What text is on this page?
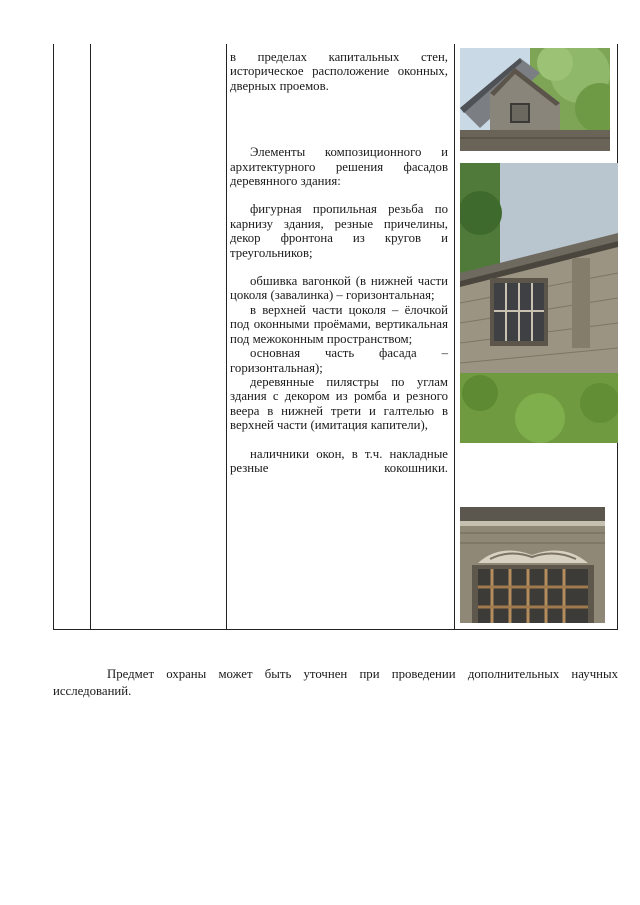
в пределах капитальных стен, историческое расположение оконных, дверных проемов.

Элементы композиционного и архитектурного решения фасадов деревянного здания:

фигурная пропильная резьба по карнизу здания, резные причелины, декор фронтона из кругов и треугольников;

обшивка вагонкой (в нижней части цоколя (завалинка) – горизонтальная;

в верхней части цоколя – ёлочкой под оконными проёмами, вертикальная под межоконным пространством;

основная часть фасада – горизонтальная);

деревянные пилястры по углам здания с декором из ромба и резного веера в нижней трети и галтелью в верхней части (имитация капители),

наличники окон, в т.ч. накладные резные кокошники.

Предмет охраны может быть уточнен при проведении дополнительных научных исследований.
